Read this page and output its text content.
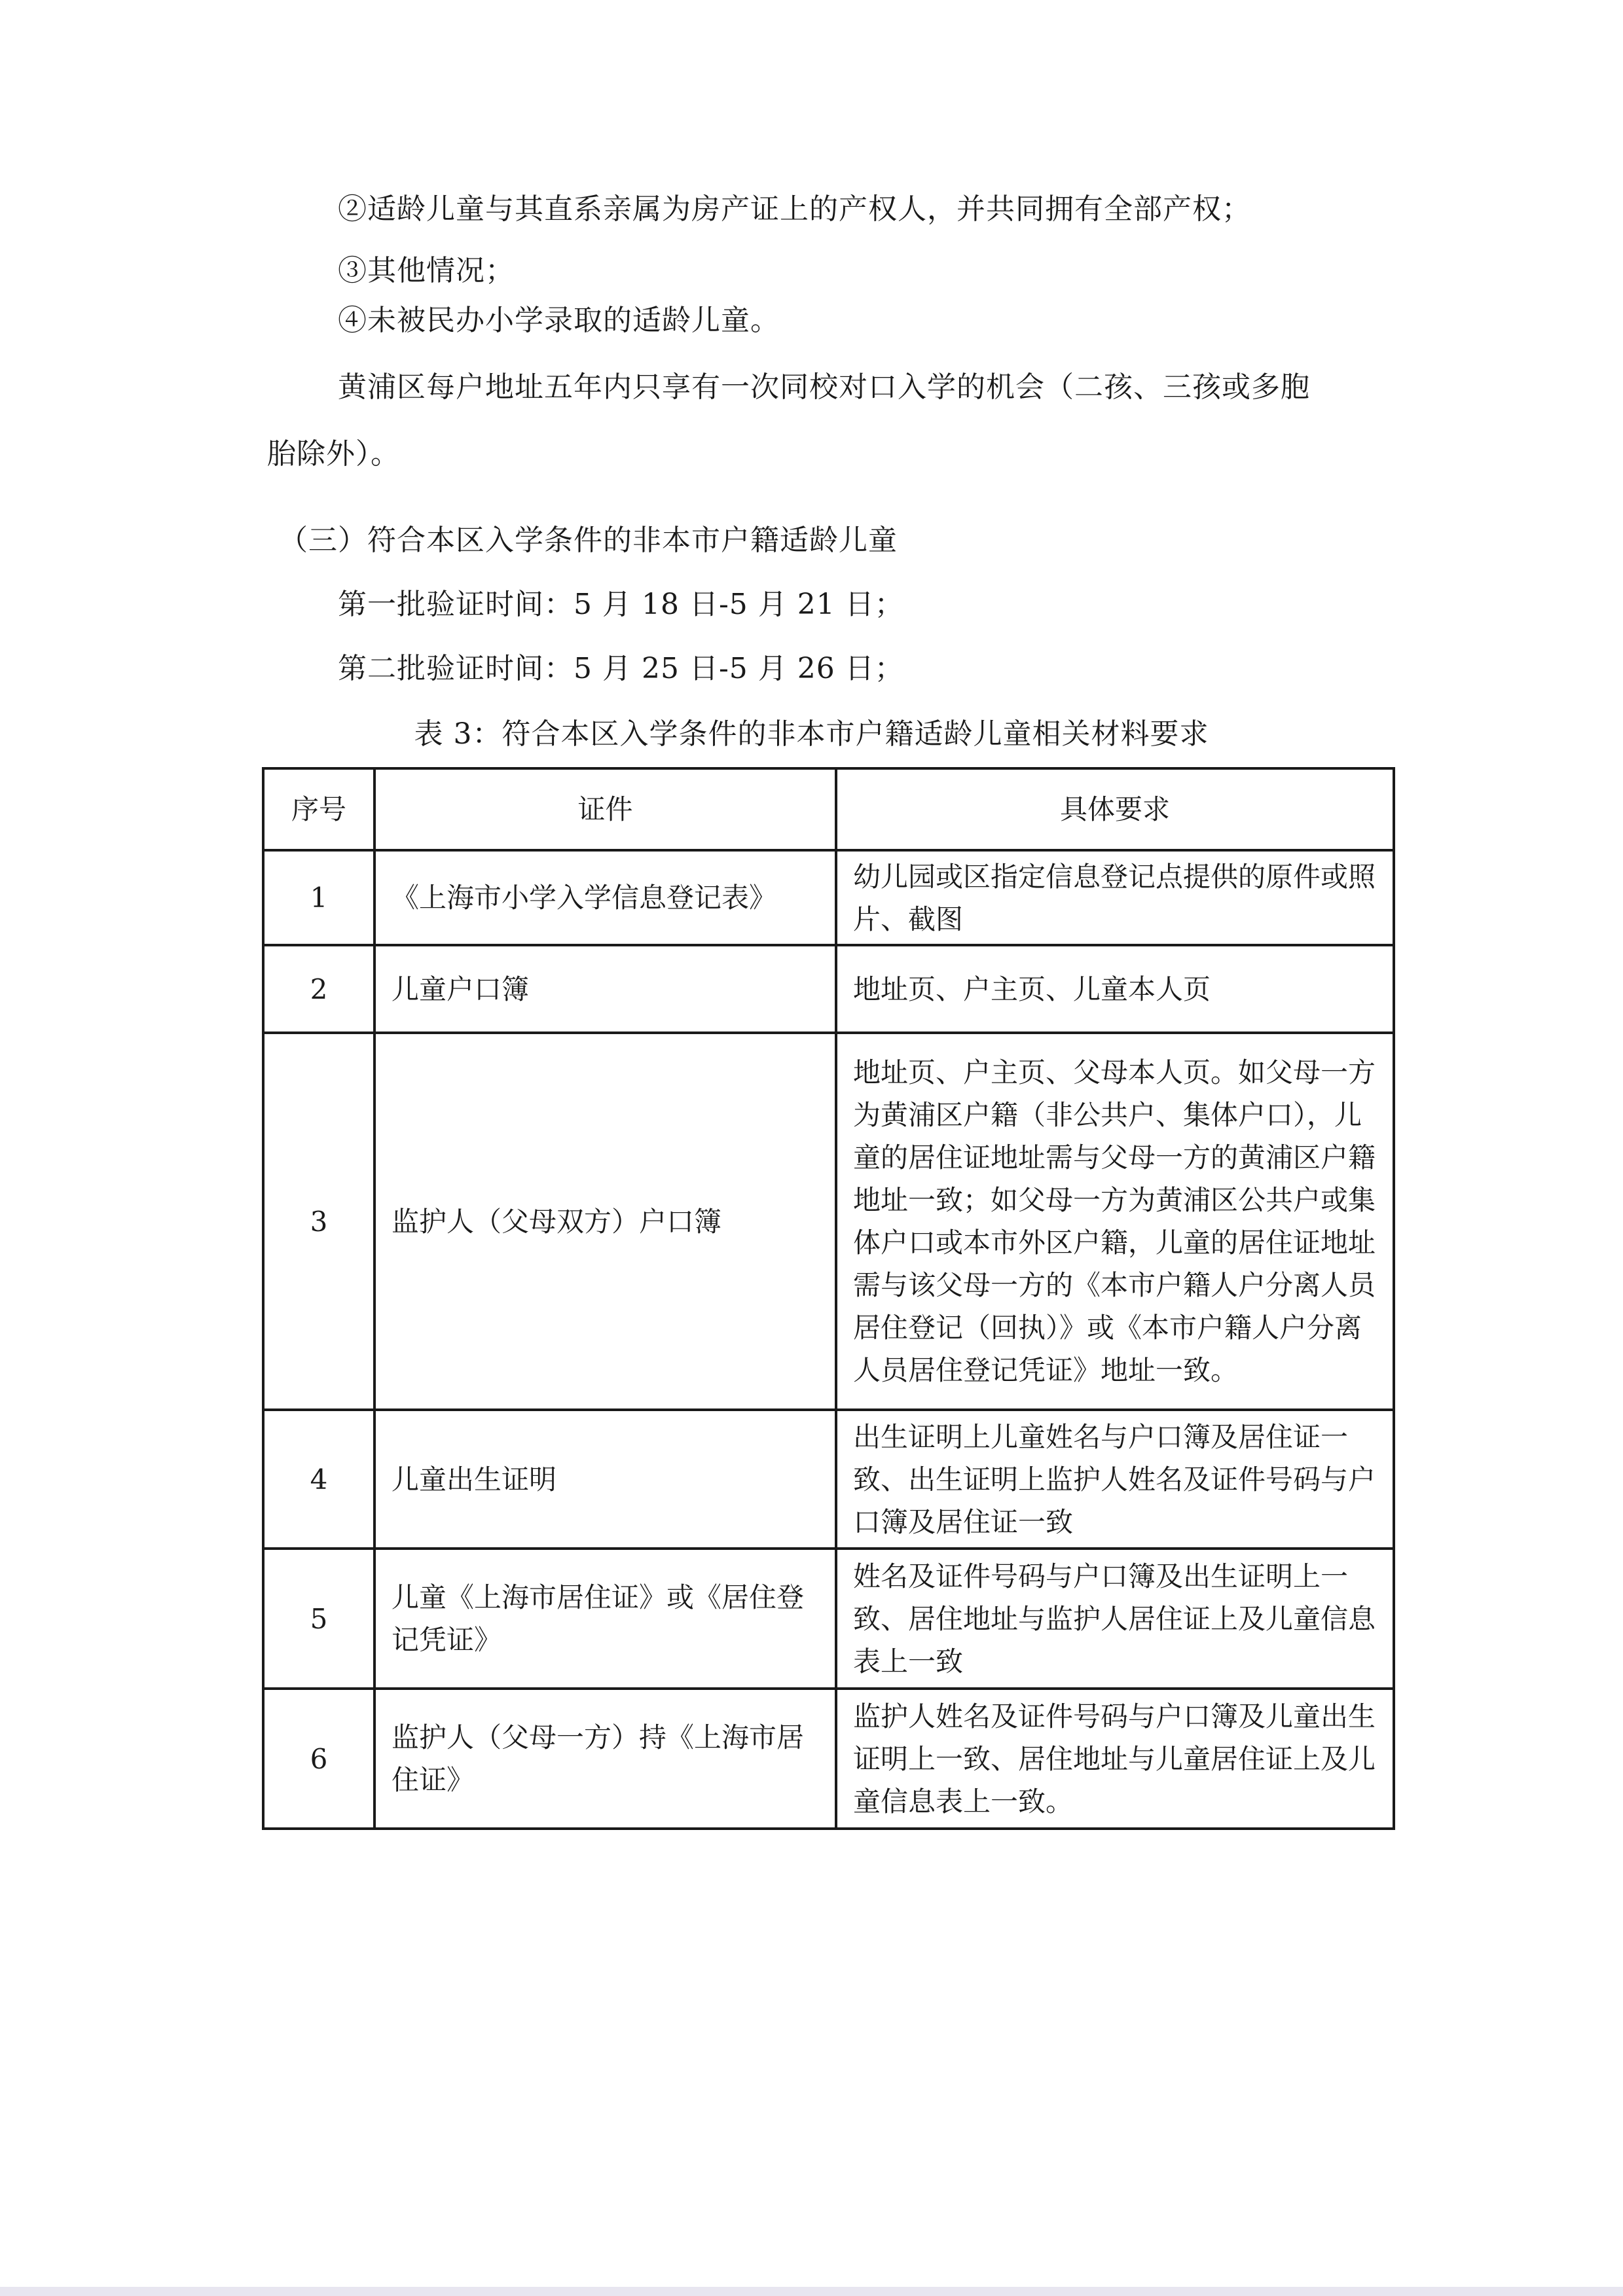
②适龄儿童与其直系亲属为房产证上的产权人，并共同拥有全部产权；
③其他情况；
④未被民办小学录取的适龄儿童。
黄浦区每户地址五年内只享有一次同校对口入学的机会（二孩、三孩或多胞
胎除外）。
（三）符合本区入学条件的非本市户籍适龄儿童
第一批验证时间：5 月 18 日-5 月 21 日；
第二批验证时间：5 月 25 日-5 月 26 日；
表 3：符合本区入学条件的非本市户籍适龄儿童相关材料要求
序号	证件	具体要求
1	《上海市小学入学信息登记表》	幼儿园或区指定信息登记点提供的原件或照片、截图
2	儿童户口簿	地址页、户主页、儿童本人页
3	监护人（父母双方）户口簿	地址页、户主页、父母本人页。如父母一方为黄浦区户籍（非公共户、集体户口），儿童的居住证地址需与父母一方的黄浦区户籍地址一致；如父母一方为黄浦区公共户或集体户口或本市外区户籍，儿童的居住证地址需与该父母一方的《本市户籍人户分离人员居住登记（回执）》或《本市户籍人户分离人员居住登记凭证》地址一致。
4	儿童出生证明	出生证明上儿童姓名与户口簿及居住证一致、出生证明上监护人姓名及证件号码与户口簿及居住证一致
5	儿童《上海市居住证》或《居住登记凭证》	姓名及证件号码与户口簿及出生证明上一致、居住地址与监护人居住证上及儿童信息表上一致
6	监护人（父母一方）持《上海市居住证》	监护人姓名及证件号码与户口簿及儿童出生证明上一致、居住地址与儿童居住证上及儿童信息表上一致。
